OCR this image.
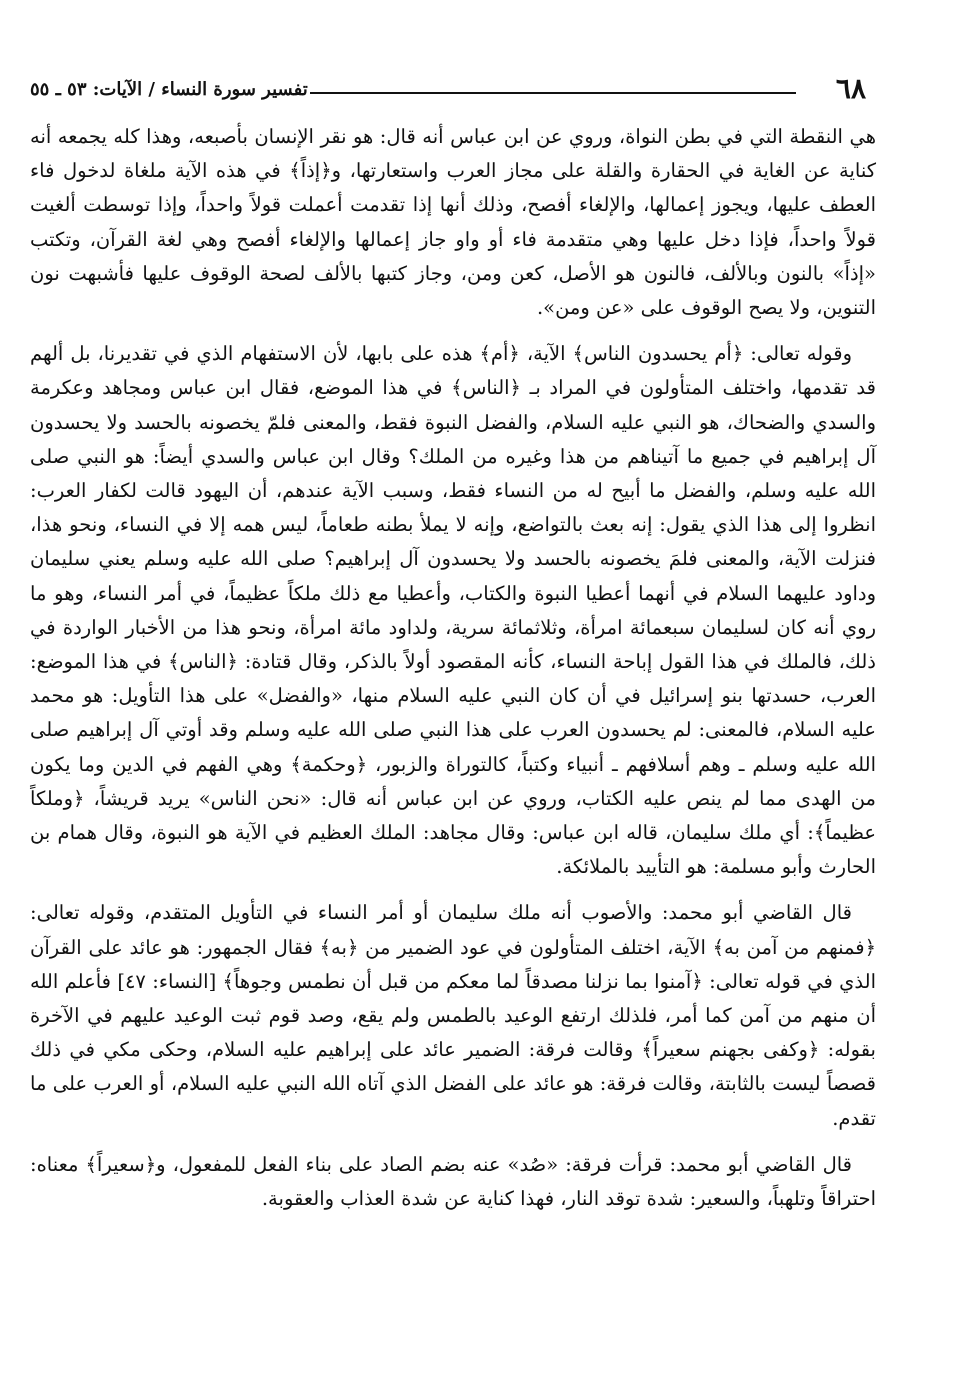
٦٨
تفسير سورة النساء / الآيات: ٥٣ ـ ٥٥

هي النقطة التي في بطن النواة، وروي عن ابن عباس أنه قال: هو نقر الإنسان بأصبعه، وهذا كله يجمعه أنه كناية عن الغاية في الحقارة والقلة على مجاز العرب واستعارتها، و﴿إذاً﴾ في هذه الآية ملغاة لدخول فاء العطف عليها، ويجوز إعمالها، والإلغاء أفصح، وذلك أنها إذا تقدمت أعملت قولاً واحداً، وإذا توسطت ألغيت قولاً واحداً، فإذا دخل عليها وهي متقدمة فاء أو واو جاز إعمالها والإلغاء أفصح وهي لغة القرآن، وتكتب «إذاً» بالنون وبالألف، فالنون هو الأصل، كعن ومن، وجاز كتبها بالألف لصحة الوقوف عليها فأشبهت نون التنوين، ولا يصح الوقوف على «عن ومن».

وقوله تعالى: ﴿أم يحسدون الناس﴾ الآية، ﴿أم﴾ هذه على بابها، لأن الاستفهام الذي في تقديرنا، بل ألهم قد تقدمها، واختلف المتأولون في المراد بـ ﴿الناس﴾ في هذا الموضع، فقال ابن عباس ومجاهد وعكرمة والسدي والضحاك، هو النبي عليه السلام، والفضل النبوة فقط، والمعنى فلمّ يخصونه بالحسد ولا يحسدون آل إبراهيم في جميع ما آتيناهم من هذا وغيره من الملك؟ وقال ابن عباس والسدي أيضاً: هو النبي صلى الله عليه وسلم، والفضل ما أبيح له من النساء فقط، وسبب الآية عندهم، أن اليهود قالت لكفار العرب: انظروا إلى هذا الذي يقول: إنه بعث بالتواضع، وإنه لا يملأ بطنه طعاماً، ليس همه إلا في النساء، ونحو هذا، فنزلت الآية، والمعنى فلمَ يخصونه بالحسد ولا يحسدون آل إبراهيم؟ صلى الله عليه وسلم يعني سليمان وداود عليهما السلام في أنهما أعطيا النبوة والكتاب، وأعطيا مع ذلك ملكاً عظيماً، في أمر النساء، وهو ما روي أنه كان لسليمان سبعمائة امرأة، وثلاثمائة سرية، ولداود مائة امرأة، ونحو هذا من الأخبار الواردة في ذلك، فالملك في هذا القول إباحة النساء، كأنه المقصود أولاً بالذكر، وقال قتادة: ﴿الناس﴾ في هذا الموضع: العرب، حسدتها بنو إسرائيل في أن كان النبي عليه السلام منها، «والفضل» على هذا التأويل: هو محمد عليه السلام، فالمعنى: لم يحسدون العرب على هذا النبي صلى الله عليه وسلم وقد أوتي آل إبراهيم صلى الله عليه وسلم ـ وهم أسلافهم ـ أنبياء وكتباً، كالتوراة والزبور، ﴿وحكمة﴾ وهي الفهم في الدين وما يكون من الهدى مما لم ينص عليه الكتاب، وروي عن ابن عباس أنه قال: «نحن الناس» يريد قريشاً، ﴿وملكاً عظيماً﴾: أي ملك سليمان، قاله ابن عباس: وقال مجاهد: الملك العظيم في الآية هو النبوة، وقال همام بن الحارث وأبو مسلمة: هو التأييد بالملائكة.

قال القاضي أبو محمد: والأصوب أنه ملك سليمان أو أمر النساء في التأويل المتقدم، وقوله تعالى: ﴿فمنهم من آمن به﴾ الآية، اختلف المتأولون في عود الضمير من ﴿به﴾ فقال الجمهور: هو عائد على القرآن الذي في قوله تعالى: ﴿آمنوا بما نزلنا مصدقاً لما معكم من قبل أن نطمس وجوهاً﴾ [النساء: ٤٧] فأعلم الله أن منهم من آمن كما أمر، فلذلك ارتفع الوعيد بالطمس ولم يقع، وصد قوم ثبت الوعيد عليهم في الآخرة بقوله: ﴿وكفى بجهنم سعيراً﴾ وقالت فرقة: الضمير عائد على إبراهيم عليه السلام، وحكى مكي في ذلك قصصاً ليست بالثابتة، وقالت فرقة: هو عائد على الفضل الذي آتاه الله النبي عليه السلام، أو العرب على ما تقدم.

قال القاضي أبو محمد: قرأت فرقة: «صُد» عنه بضم الصاد على بناء الفعل للمفعول، و﴿سعيراً﴾ معناه: احتراقاً وتلهباً، والسعير: شدة توقد النار، فهذا كناية عن شدة العذاب والعقوبة.
